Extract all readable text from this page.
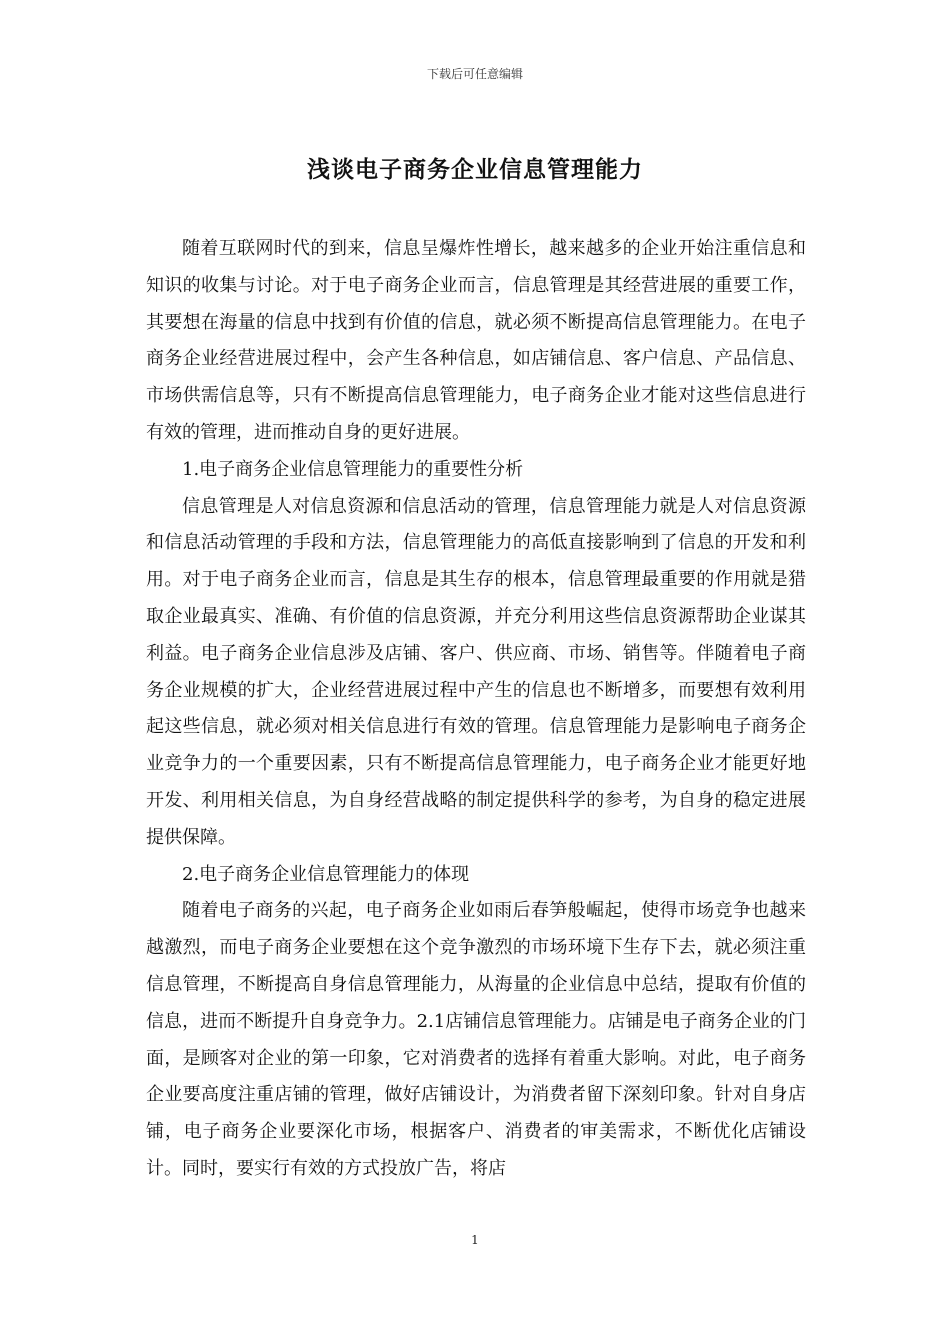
下载后可任意编辑
浅谈电子商务企业信息管理能力

随着互联网时代的到来，信息呈爆炸性增长，越来越多的企业开始注重信息和知识的收集与讨论。对于电子商务企业而言，信息管理是其经营进展的重要工作，其要想在海量的信息中找到有价值的信息，就必须不断提高信息管理能力。在电子商务企业经营进展过程中，会产生各种信息，如店铺信息、客户信息、产品信息、市场供需信息等，只有不断提高信息管理能力，电子商务企业才能对这些信息进行有效的管理，进而推动自身的更好进展。

1.电子商务企业信息管理能力的重要性分析

信息管理是人对信息资源和信息活动的管理，信息管理能力就是人对信息资源和信息活动管理的手段和方法，信息管理能力的高低直接影响到了信息的开发和利用。对于电子商务企业而言，信息是其生存的根本，信息管理最重要的作用就是猎取企业最真实、准确、有价值的信息资源，并充分利用这些信息资源帮助企业谋其利益。电子商务企业信息涉及店铺、客户、供应商、市场、销售等。伴随着电子商务企业规模的扩大，企业经营进展过程中产生的信息也不断增多，而要想有效利用起这些信息，就必须对相关信息进行有效的管理。信息管理能力是影响电子商务企业竞争力的一个重要因素，只有不断提高信息管理能力，电子商务企业才能更好地开发、利用相关信息，为自身经营战略的制定提供科学的参考，为自身的稳定进展提供保障。

2.电子商务企业信息管理能力的体现

随着电子商务的兴起，电子商务企业如雨后春笋般崛起，使得市场竞争也越来越激烈，而电子商务企业要想在这个竞争激烈的市场环境下生存下去，就必须注重信息管理，不断提高自身信息管理能力，从海量的企业信息中总结，提取有价值的信息，进而不断提升自身竞争力。2.1店铺信息管理能力。店铺是电子商务企业的门面，是顾客对企业的第一印象，它对消费者的选择有着重大影响。对此，电子商务企业要高度注重店铺的管理，做好店铺设计，为消费者留下深刻印象。针对自身店铺，电子商务企业要深化市场，根据客户、消费者的审美需求，不断优化店铺设计。同时，要实行有效的方式投放广告，将店

1
